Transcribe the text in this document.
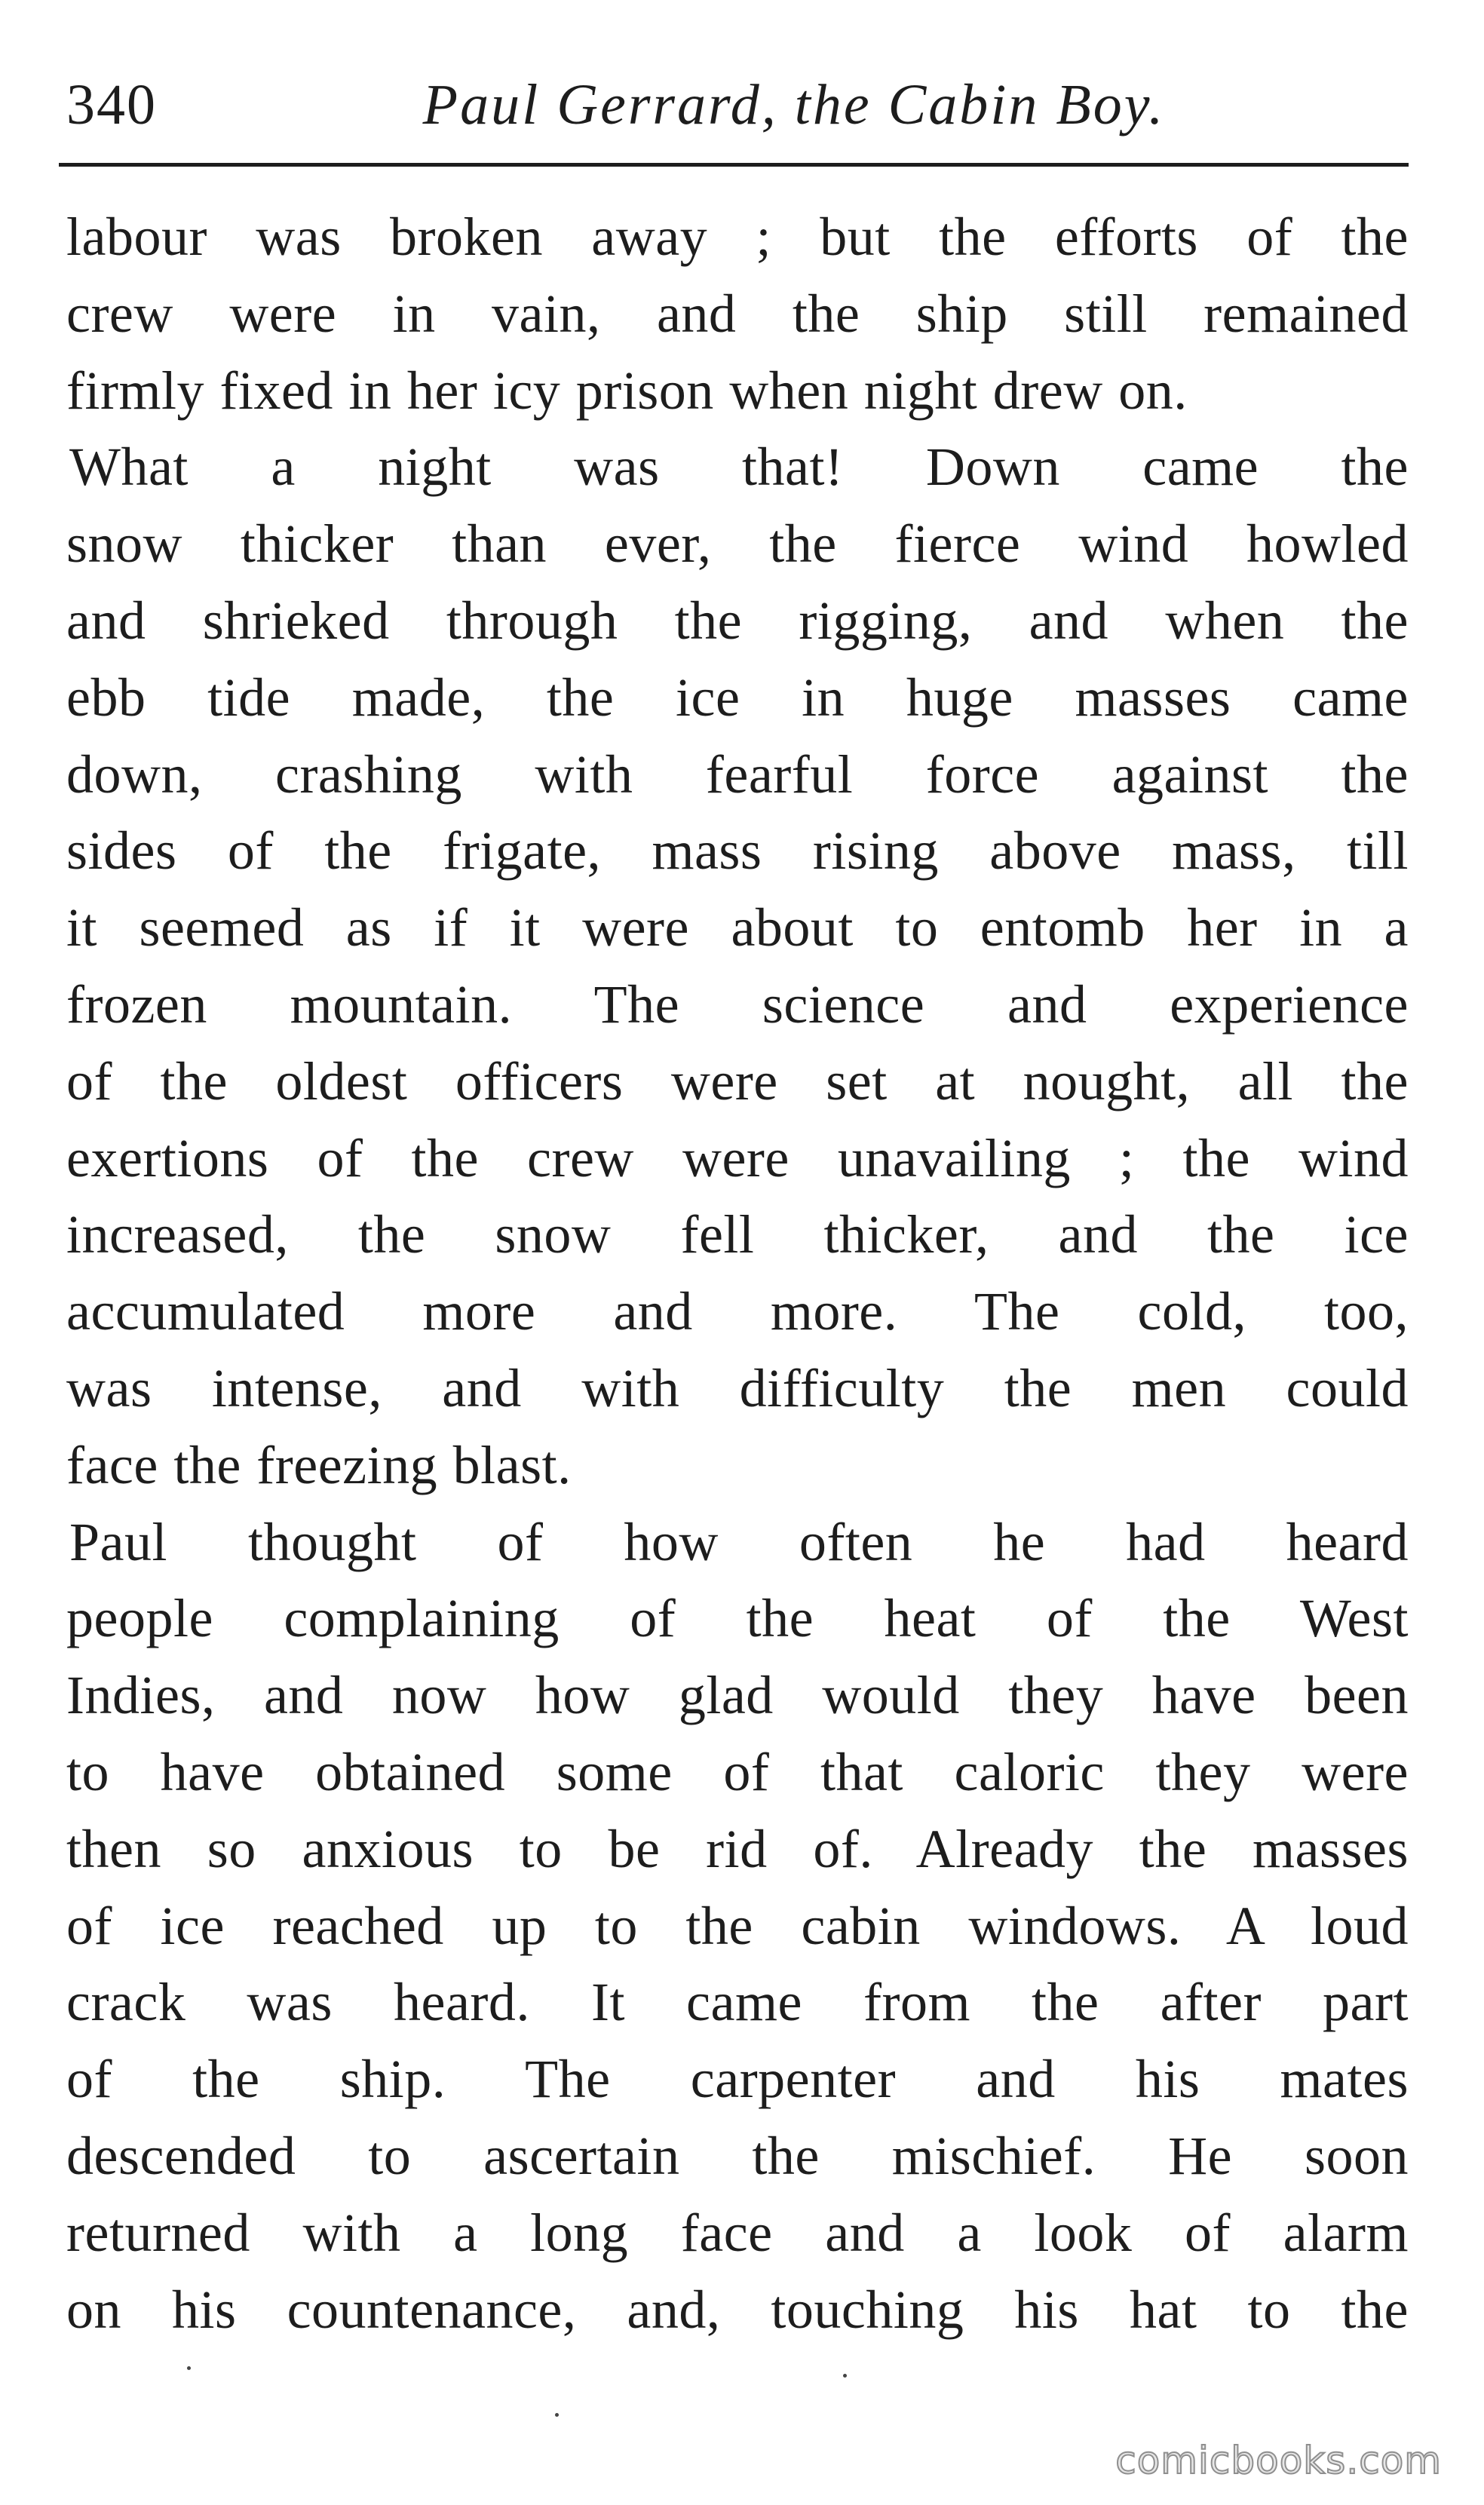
340	Paul Gerrard, the Cabin Boy.
labour was broken away ; but the efforts of the
crew were in vain, and the ship still remained
firmly fixed in her icy prison when night drew on.
What a night was that! Down came the
snow thicker than ever, the fierce wind howled
and shrieked through the rigging, and when the
ebb tide made, the ice in huge masses came
down, crashing with fearful force against the
sides of the frigate, mass rising above mass, till
it seemed as if it were about to entomb her in a
frozen mountain. The science and experience
of the oldest officers were set at nought, all the
exertions of the crew were unavailing ; the wind
increased, the snow fell thicker, and the ice
accumulated more and more. The cold, too,
was intense, and with difficulty the men could
face the freezing blast.
Paul thought of how often he had heard
people complaining of the heat of the West
Indies, and now how glad would they have been
to have obtained some of that caloric they were
then so anxious to be rid of. Already the masses
of ice reached up to the cabin windows. A loud
crack was heard. It came from the after part
of the ship. The carpenter and his mates
descended to ascertain the mischief. He soon
returned with a long face and a look of alarm
on his countenance, and, touching his hat to the
comicbooks.com
